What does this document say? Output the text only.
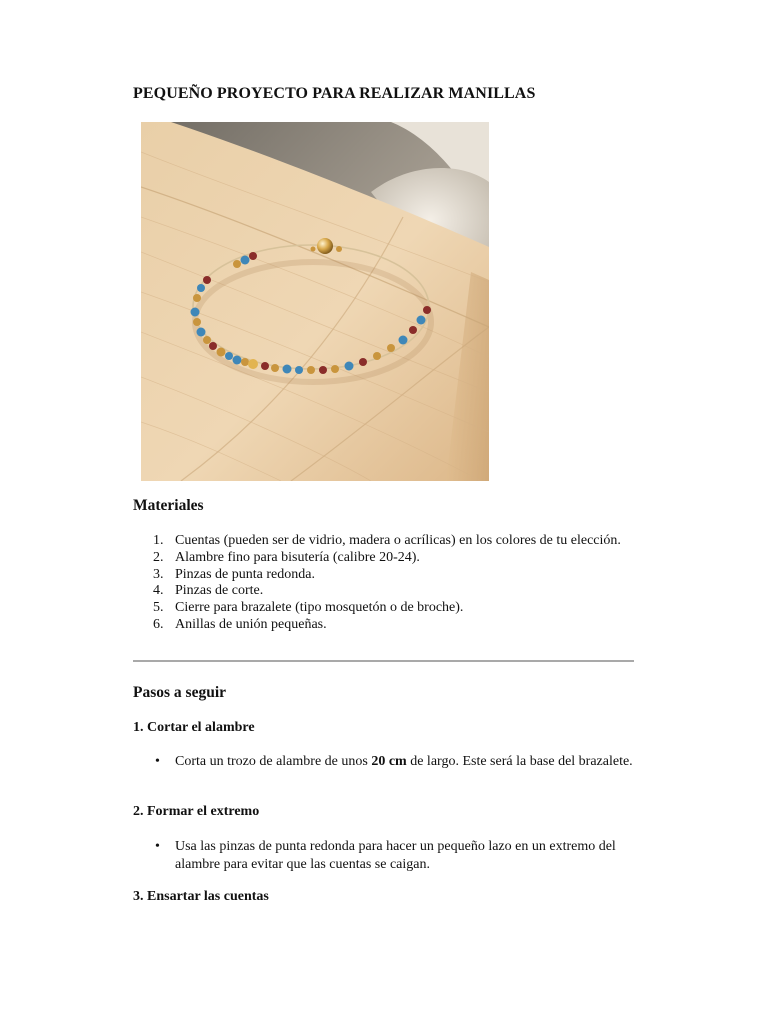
PEQUEÑO PROYECTO PARA REALIZAR MANILLAS
Materiales
1. Cuentas (pueden ser de vidrio, madera o acrílicas) en los colores de tu elección.
2. Alambre fino para bisutería (calibre 20-24).
3. Pinzas de punta redonda.
4. Pinzas de corte.
5. Cierre para brazalete (tipo mosquetón o de broche).
6. Anillas de unión pequeñas.
Pasos a seguir
1. Cortar el alambre
• Corta un trozo de alambre de unos 20 cm de largo. Este será la base del brazalete.
2. Formar el extremo
• Usa las pinzas de punta redonda para hacer un pequeño lazo en un extremo del alambre para evitar que las cuentas se caigan.
3. Ensartar las cuentas
